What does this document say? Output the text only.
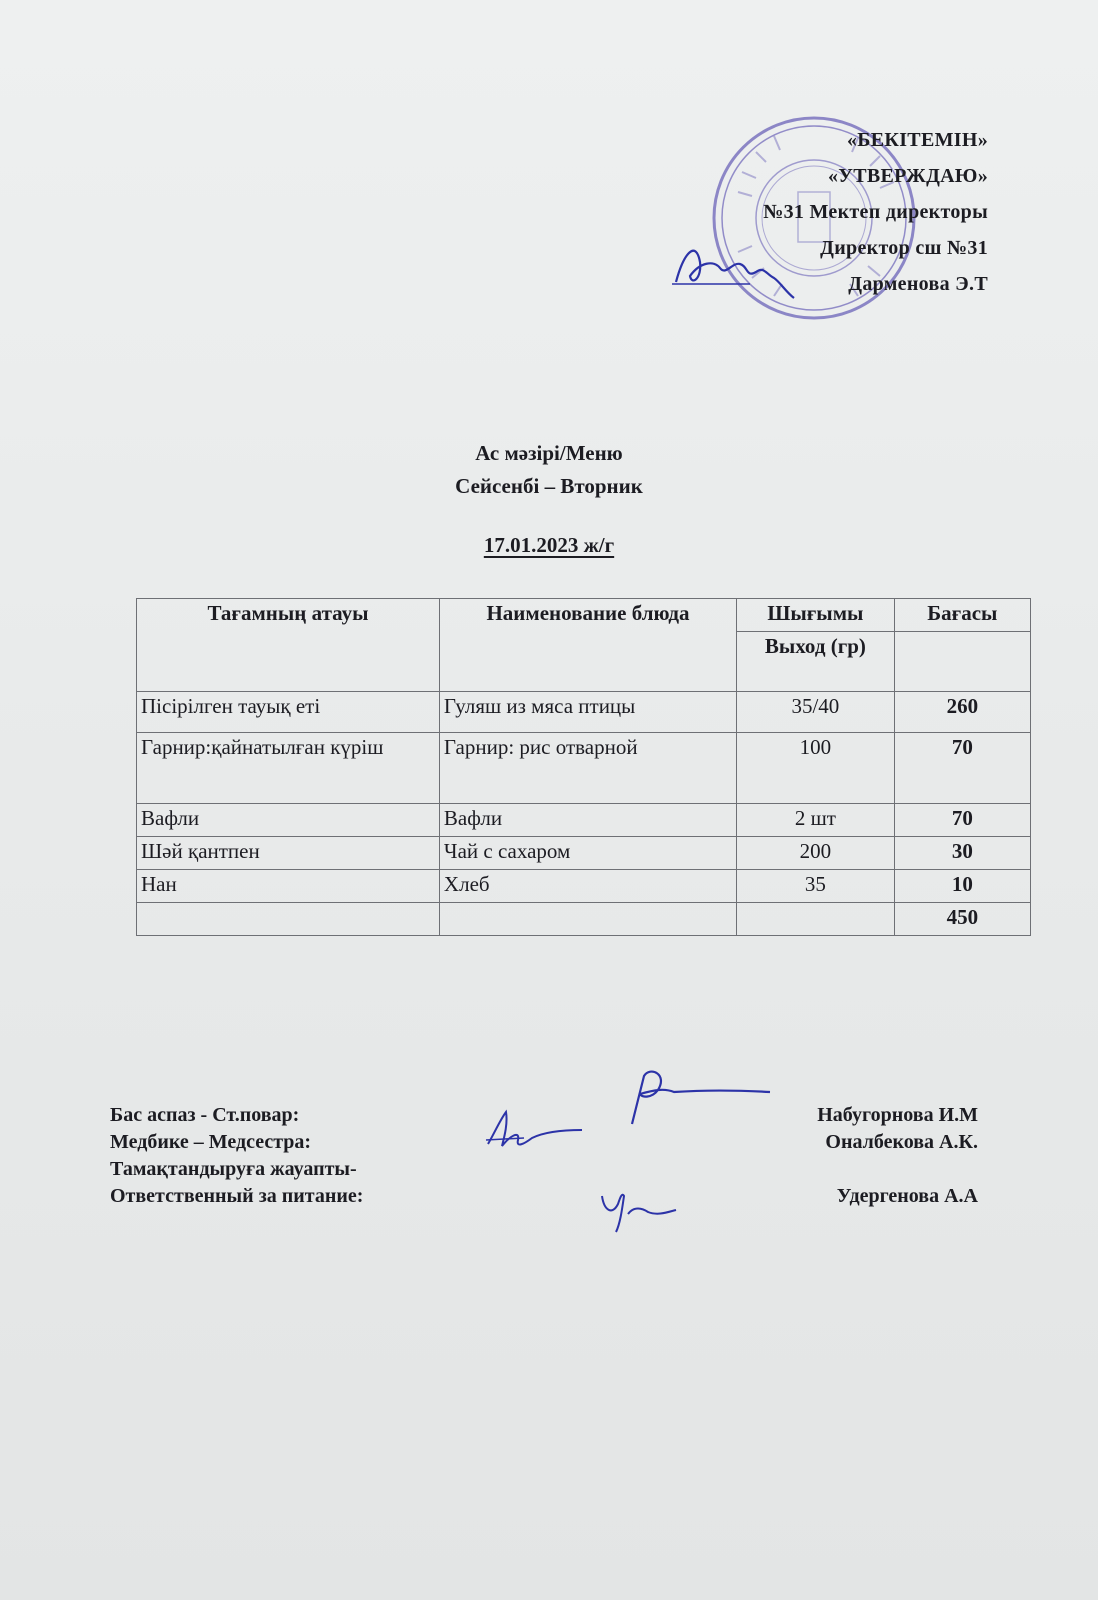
«БЕКІТЕМІН»
«УТВЕРЖДАЮ»
№31 Мектеп директоры
Директор сш №31
Дарменова Э.Т
Ас мәзірі/Меню
Сейсенбі – Вторник
17.01.2023 ж/г
Тағамның атауы	Наименование блюда	Шығымы	Бағасы
		Выход (гр)	
Пісірілген тауық еті	Гуляш из мяса птицы	35/40	260
Гарнир:қайнатылған күріш	Гарнир: рис отварной	100	70
Вафли	Вафли	2 шт	70
Шәй қантпен	Чай с сахаром	200	30
Нан	Хлеб	35	10
			450
Бас аспаз - Ст.повар:
Медбике – Медсестра:
Тамақтандыруға жауапты-
Ответственный за питание:
Набугорнова И.М
Оналбекова А.К.

Удергенова А.А
